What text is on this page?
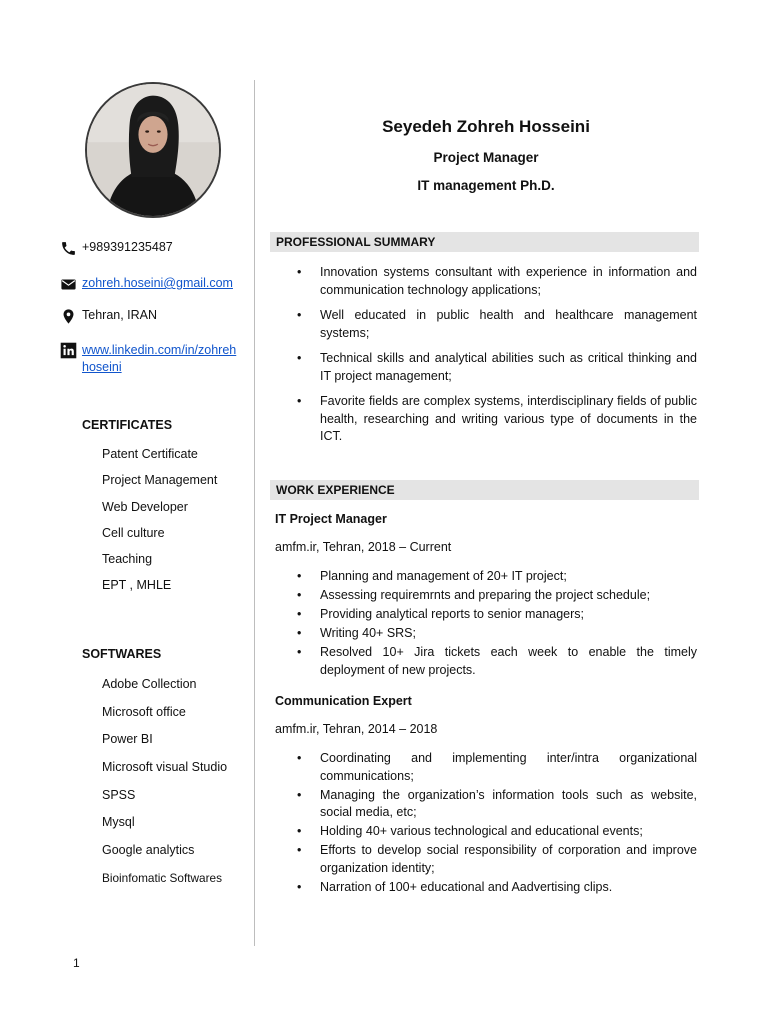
+989391235487
zohreh.hoseini@gmail.com
Tehran, IRAN
www.linkedin.com/in/zohreh
hoseini
CERTIFICATES
Patent Certificate
Project Management
Web Developer
Cell culture
Teaching
EPT , MHLE
SOFTWARES
Adobe Collection
Microsoft office
Power BI
Microsoft visual Studio
SPSS
Mysql
Google analytics
Bioinfomatic Softwares
Seyedeh Zohreh Hosseini
Project Manager
IT management Ph.D.
PROFESSIONAL SUMMARY
• Innovation systems consultant with experience in information and communication technology applications;
• Well educated in public health and healthcare management systems;
• Technical skills and analytical abilities such as critical thinking and IT project management;
• Favorite fields are complex systems, interdisciplinary fields of public health, researching and writing various type of documents in the ICT.
WORK EXPERIENCE
IT Project Manager
amfm.ir, Tehran, 2018 – Current
• Planning and management of 20+ IT project;
• Assessing requiremrnts and preparing the project schedule;
• Providing analytical reports to senior managers;
• Writing 40+ SRS;
• Resolved 10+ Jira tickets each week to enable the timely deployment of new projects.
Communication Expert
amfm.ir, Tehran, 2014 – 2018
• Coordinating and implementing inter/intra organizational communications;
• Managing the organization’s information tools such as website, social media, etc;
• Holding 40+ various technological and educational events;
• Efforts to develop social responsibility of corporation and improve organization identity;
• Narration of 100+ educational and Aadvertising clips.
1
